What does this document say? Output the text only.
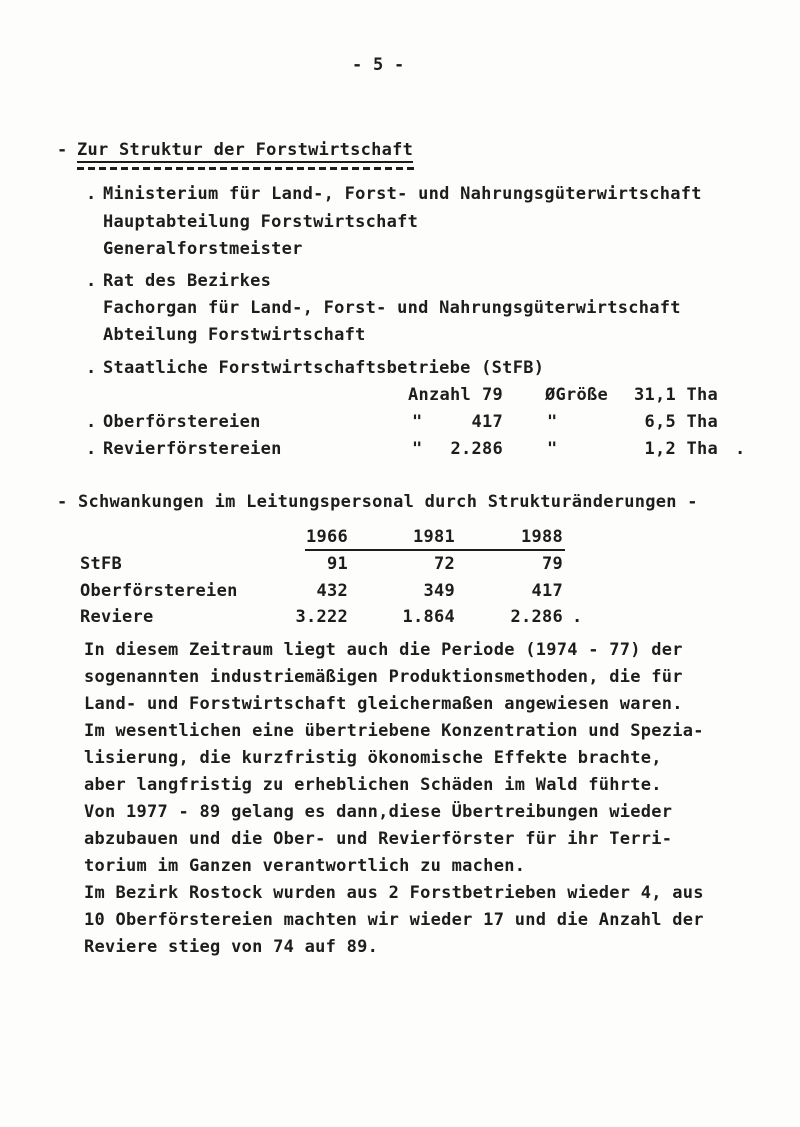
- 5 -
- Zur Struktur der Forstwirtschaft
. Ministerium für Land-, Forst- und Nahrungsgüterwirtschaft
Hauptabteilung Forstwirtschaft
Generalforstmeister
. Rat des Bezirkes
Fachorgan für Land-, Forst- und Nahrungsgüterwirtschaft
Abteilung Forstwirtschaft
. Staatliche Forstwirtschaftsbetriebe (StFB)
Anzahl 79 ØGröße	31,1 Tha
. Oberförstereien	"	417	"	6,5 Tha
. Revierförstereien	"	2.286	"	1,2 Tha .
- Schwankungen im Leitungspersonal durch Strukturänderungen -
1966	1981	1988
StFB	91	72	79
Oberförstereien	432	349	417
Reviere	3.222	1.864	2.286 .
In diesem Zeitraum liegt auch die Periode (1974 - 77) der
sogenannten industriemäßigen Produktionsmethoden, die für
Land- und Forstwirtschaft gleichermaßen angewiesen waren.
Im wesentlichen eine übertriebene Konzentration und Spezia-
lisierung, die kurzfristig ökonomische Effekte brachte,
aber langfristig zu erheblichen Schäden im Wald führte.
Von 1977 - 89 gelang es dann,diese Übertreibungen wieder
abzubauen und die Ober- und Revierförster für ihr Terri-
torium im Ganzen verantwortlich zu machen.
Im Bezirk Rostock wurden aus 2 Forstbetrieben wieder 4, aus
10 Oberförstereien machten wir wieder 17 und die Anzahl der
Reviere stieg von 74 auf 89.
